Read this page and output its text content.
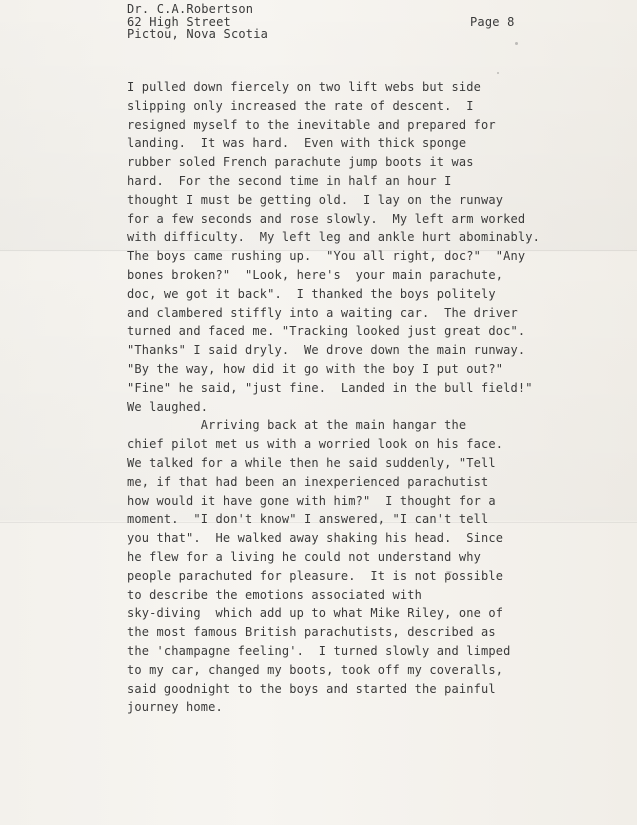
Dr. C.A.Robertson
62 High Street
Pictou, Nova Scotia
Page 8
I pulled down fiercely on two lift webs but side
slipping only increased the rate of descent.  I
resigned myself to the inevitable and prepared for
landing.  It was hard.  Even with thick sponge
rubber soled French parachute jump boots it was
hard.  For the second time in half an hour I
thought I must be getting old.  I lay on the runway
for a few seconds and rose slowly.  My left arm worked
with difficulty.  My left leg and ankle hurt abominably.
The boys came rushing up.  "You all right, doc?"  "Any
bones broken?"  "Look, here's  your main parachute,
doc, we got it back".  I thanked the boys politely
and clambered stiffly into a waiting car.  The driver
turned and faced me. "Tracking looked just great doc".
"Thanks" I said dryly.  We drove down the main runway.
"By the way, how did it go with the boy I put out?"
"Fine" he said, "just fine.  Landed in the bull field!"
We laughed.
Arriving back at the main hangar the
chief pilot met us with a worried look on his face.
We talked for a while then he said suddenly, "Tell
me, if that had been an inexperienced parachutist
how would it have gone with him?"  I thought for a
moment.  "I don't know" I answered, "I can't tell
you that".  He walked away shaking his head.  Since
he flew for a living he could not understand why
people parachuted for pleasure.  It is not possible
to describe the emotions associated with
sky-diving  which add up to what Mike Riley, one of
the most famous British parachutists, described as
the 'champagne feeling'.  I turned slowly and limped
to my car, changed my boots, took off my coveralls,
said goodnight to the boys and started the painful
journey home.
